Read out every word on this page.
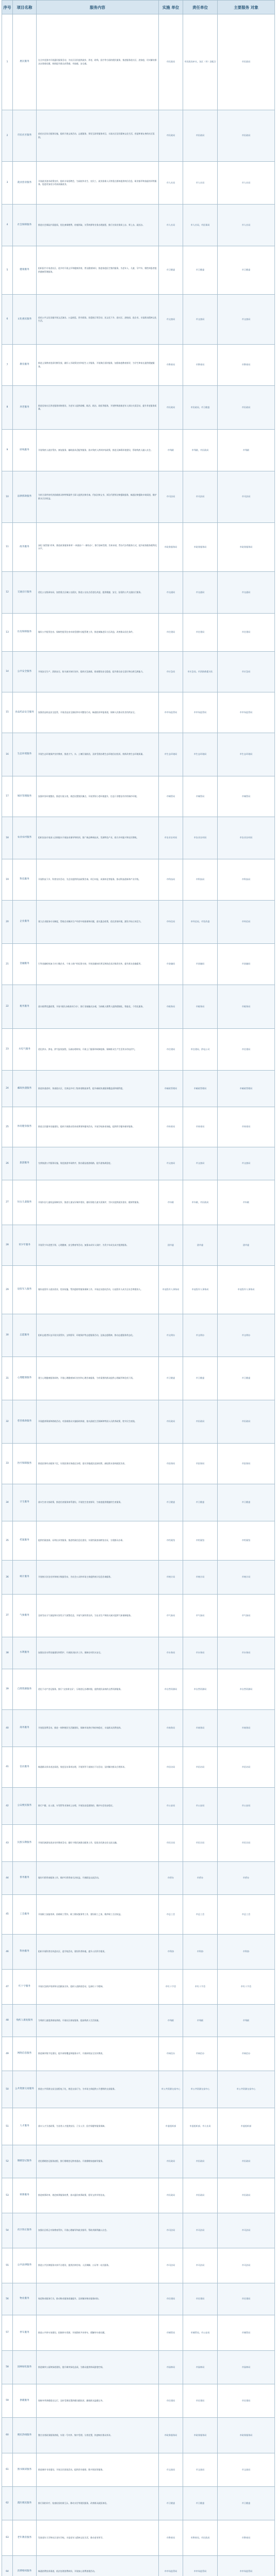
序号	项目名称	服务内容	实施 单位	责任单位	主要服务 对象
1	惠民服务	在全市范围内开展惠民服务活动，为社区居民提供就业、养老、助残、医疗等方面的便民服务，推进服务进社区、进家庭，切实解决群众办事难问题，持续提升群众获得感、幸福感、安全感。	市民政局	市民政局牵头，各区（市）县配合	市民政局
2	市民社区服务	依托社区综合服务设施，组织开展文体活动、志愿服务、邻里互助等服务项目，丰富社区居民精神文化生活，营造和谐友善的社区氛围。	市民政局	市民政局	市民政局
3	就业创业服务	开展就业创业政策宣传，组织专场招聘会，为高校毕业生、农民工、就业困难人员等重点群体提供岗位信息、职业指导和技能培训等服务，促进更加充分更高质量就业。	市人社局	市人社局	市人社局
4	社会保障服务	推进社会保险扩面提质，优化参保缴费、待遇领取、关系转移等业务办理流程，推行社保业务网上办、掌上办、就近办。	市人社局	市人社局，市医保局	市人社局
5	健康服务	组织医疗专家进社区、进乡村开展义诊和健康讲座，普及健康知识，推进家庭医生签约服务，为老年人、儿童、孕产妇、慢性病患者提供健康管理服务。	市卫健委	市卫健委	市卫健委
6	文化惠民服务	依托公共文化设施开展文艺演出、公益展览、图书阅读、非遗展示等活动，送文化下乡、进社区、进校园、进企业，丰富群众精神文化生活。	市文旅局	市文旅局	市文旅局
7	教育服务	推进义务教育优质均衡发展，做好入学政策宣传和招生入学服务，开展课后延时服务，加强家庭教育指导，为学生和家长提供便捷服务。	市教育局	市教育局	市教育局
8	养老服务	推进居家社区养老服务网络建设，为老年人提供助餐、助浴、助洁、助医等服务，开展特殊困难老年人探访关爱活动，提升养老服务质量。	市民政局	市民政局，市卫健委	市民政局
9	助残服务	开展残疾人就业帮扶、康复服务、辅助器具适配等服务，落实残疾人两项补贴政策，推进无障碍环境建设，帮助残疾人融入社会。	市残联	市残联，市民政局	市残联
10	法律援助服务	为符合条件的经济困难群众和特殊案件当事人提供法律咨询、代拟法律文书、诉讼代理等法律援助服务，畅通法律援助申请渠道，维护群众合法权益。	市司法局	市司法局	市司法局
11	政务服务	深化“放管服”改革，推进政务服务事项“一网通办”“一窗综办”，推行容缺受理、告知承诺、帮办代办等服务方式，提升政务服务便利化水平。	市政务服务局	市政务服务局	市政务服务局
12	交通出行服务	优化公交线网布局，加密重点区域公交班次，推进公交站点适老化改造，提供便捷、安全、舒适的公共交通出行服务。	市交通局	市交通局	市交通局
13	住房保障服务	做好公共租赁住房、保障性租赁住房申请受理和分配管理工作，推进城镇老旧小区改造，改善群众居住条件。	市住建局	市住建局	市住建局
14	公共安全服务	开展安全生产、消防安全、防灾减灾知识宣传，组织应急演练，排查整治安全隐患，提升群众安全意识和自救互救能力。	市应急局	市应急局，市消防救援支队	市应急局
15	食品药品安全服务	加强食品药品安全监管，开展食品安全抽检和专项整治行动，畅通投诉举报渠道，保障人民群众饮食用药安全。	市市场监管局	市市场监管局	市市场监管局
16	生态环境服务	开展生态环境保护宣传教育，推进大气、水、土壤污染防治，及时受理办理生态环境信访投诉，持续改善生态环境质量。	市生态环境局	市生态环境局	市生态环境局
17	城市管理服务	加强市容环境整治，推进垃圾分类，规范设置便民摊点，开展背街小巷环境提升，打造干净整洁有序的城市环境。	市城管局	市城管局	市城管局
18	农业农村服务	组织农技专家深入田间地头开展技术指导和培训，推广新品种新技术，发展特色产业，助力乡村振兴和农民增收。	市农业农村局	市农业农村局	市农业农村局
19	科技服务	开展科技下乡、科普宣传活动，为企业提供科技政策咨询、项目申报、成果转化等服务，推动科技创新和产业升级。	市科技局	市科技局	市科技局
20	企业服务	建立企业服务专员制度，帮助企业解决生产经营中的困难和问题，落实惠企政策，优化营商环境，激发市场主体活力。	市经信局	市经信局，市发改委	市经信局
21	金融服务	引导金融机构加大对小微企业、个体工商户的信贷支持，开展金融知识普及和防范非法集资宣传，提升群众金融素养。	市金融局	市金融局	市金融局
22	税务服务	落实税费优惠政策，开展“便民办税春风行动”，推行非接触式办税，为纳税人缴费人提供精细化、智能化、个性化服务。	市税务局	市税务局	市税务局
23	水电气服务	优化供水、供电、供气报装流程，压减办理时间，开展上门服务和故障抢修，保障群众生产生活用水用电用气。	市住建局	市住建局，供电公司	市住建局
24	邮政快递服务	推进快递进村、快递进社区，完善县乡村三级寄递物流体系，提升邮政快递服务覆盖面和便利度。	市邮政管理局	市邮政管理局	市邮政管理局
25	体育健身服务	推进全民健身设施建设，组织开展群众性体育赛事和健身活动，开放学校体育场地，提供科学健身指导服务。	市体育局	市体育局	市体育局
26	旅游服务	完善旅游公共服务设施，规范旅游市场秩序，推出精品旅游线路，提升游客满意度。	市文旅局	市文旅局	市文旅局
27	妇女儿童服务	开展妇女儿童权益保障宣传，推进儿童友好城市建设，做好困境儿童关爱保护，为妇女提供就业创业、健康等服务。	市妇联	市妇联，市民政局	市妇联
28	青少年服务	开展青少年思想引领、心理健康、安全教育等活动，加强未成年人保护，为青少年成长成才提供服务。	团市委	团市委	团市委
29	退役军人服务	做好退役军人就业创业、优待抚恤、帮扶援助等服务保障工作，开展走访慰问活动，让退役军人成为全社会尊重的人。	市退役军人事务局	市退役军人事务局	市退役军人事务局
30	志愿服务	组织志愿者队伍开展关爱帮扶、文明倡导、环境保护等志愿服务活动，弘扬志愿精神，推动志愿服务常态化。	市文明办	市文明办	市文明办
31	心理健康服务	建立心理健康服务网络，开展心理健康知识宣传和心理咨询服务，为有需要的群众提供心理疏导和危机干预。	市卫健委	市卫健委	市卫健委
32	慈善救助服务	开展慈善募捐和救助活动，对困难群众实施临时救助，落实最低生活保障和特困人员供养政策，兜牢民生底线。	市民政局	市民政局	市民政局
33	医疗保障服务	推进医保经办服务下沉，实现医保业务就近办理，落实异地就医直接结算，减轻群众看病就医负担。	市医保局	市医保局	市医保局
34	计生服务	落实生育支持政策，推进托育服务体系建设，开展优生优育指导，为家庭提供便捷的生育服务。	市卫健委	市卫健委	市卫健委
35	档案服务	提供档案查阅、证明出具等服务，推进档案信息化建设，实现档案查询跨馆出证，方便群众办事。	市档案馆	市档案馆	市档案馆
36	统计服务	开展统计法治宣传和统计数据发布，为社会公众和市场主体提供统计信息咨询服务。	市统计局	市统计局	市统计局
37	气象服务	及时发布天气预报和灾害性天气预警信息，开展气象科普宣传，为农业生产和防灾减灾提供气象保障服务。	市气象局	市气象局	市气象局
38	水利服务	加强农田水利设施建设和管护，开展防汛抗旱工作，保障农村饮水安全。	市水务局	市水务局	市水务局
39	自然资源服务	优化不动产登记服务，推行“交房即交证”，压缩登记办理时限，提供便民高效的自然资源服务。	市自然资源局	市自然资源局	市自然资源局
40	商务服务	开展促消费活动，推进一刻钟便民生活圈建设，保障市场供应和价格稳定，丰富群众消费选择。	市商务局	市商务局	市商务局
41	信访服务	畅通群众诉求表达渠道，规范信访事项办理，开展领导干部接访下访活动，及时解决群众合理诉求。	市信访局	市信访局	市信访局
42	公安便民服务	推行户籍、出入境、车驾管等业务网上办理，开展治安巡逻防控，维护社会治安稳定。	市公安局	市公安局	市公安局
43	民族宗教服务	开展民族团结进步宣传教育活动，做好少数民族群众服务工作，促进各民族交往交流交融。	市民宗局	市民宗局	市民宗局
44	侨务服务	做好归侨侨眷服务工作，维护归侨侨眷合法权益，开展联谊交流活动。	市侨办	市侨办	市侨办
45	工会服务	开展职工技能培训、困难职工帮扶、职工维权服务等工作，建设职工之家，维护职工合法权益。	市总工会	市总工会	市总工会
46	科协服务	组织开展科普宣传进社区、进学校活动，建设科普阵地，提升公民科学素质。	市科协	市科协	市科协
47	红十字服务	开展应急救护培训和无偿献血宣传，组织人道救助活动，弘扬红十字精神。	市红十字会	市红十字会	市红十字会
48	残疾人康复服务	为残疾儿童提供康复救助，开展社区康复服务，提高残疾人生活质量。	市残联	市残联	市残联
49	网络信息服务	推进城市数字化建设，提升网络覆盖和服务水平，开展网络安全宣传教育。	市网信办	市网信办	市网信办
50	公共资源交易服务	推进公共资源交易全流程电子化，规范交易行为，为市场主体提供公开透明的交易服务。	市公共资源交易中心	市公共资源交易中心	市公共资源交易中心
51	人才服务	落实人才引进政策，为各类人才提供安居、子女入学、医疗保健等服务保障。	市委组织部	市委组织部，市人社局	市委组织部
52	婚姻登记服务	优化婚姻登记服务流程，推行婚姻登记跨省通办，开展婚姻家庭辅导服务。	市民政局	市民政局	市民政局
53	殡葬服务	推进殡葬改革，规范殡葬服务收费，落实惠民殡葬政策，倡导文明节俭治丧。	市民政局	市民政局	市民政局
54	社区矫正服务	加强社区矫正对象教育帮扶，开展心理辅导和就业指导，帮助其顺利融入社会。	市司法局	市司法局	市司法局
55	公共法律服务	推进公共法律服务实体平台建设，提供法律咨询、人民调解、公证等一站式服务。	市司法局	市司法局	市司法局
56	物业服务	规范物业服务行为，推动物业服务质量提升，及时解决物业服务纠纷。	市住建局	市住建局	市住建局
57	停车服务	推进公共停车场建设，挖掘停车资源，开展错时共享停车，缓解停车难问题。	市城管局	市城管局，市公安局	市城管局
58	园林绿化服务	推进城市公园和绿道建设，提升城市绿化品质，为群众提供休闲游憩空间。	市园林局	市园林局	市园林局
59	供暖服务	保障冬季供暖稳定运行，及时受理处置供暖问题投诉，确保群众温暖过冬。	市住建局	市住建局	市住建局
60	便民热线服务	整合各类政务服务热线，实现一号对外、集中受理、分类处置，快速响应群众诉求。	市政务服务局	市政务服务局	市政务服务局
61	图书阅读服务	推进城市书房建设，开展全民阅读活动，提供图书借阅、数字阅读等服务。	市文旅局	市文旅局	市文旅局
62	就医便民服务	推行预约诊疗、检查检验结果互认、移动支付等便民服务，改善群众就医体验。	市卫健委	市卫健委	市卫健委
63	老年教育服务	发展老年大学和社区老年学校，丰富老年人精神文化生活，推动老有所学。	市教育局	市教育局，市民政局	市教育局
64	消费维权服务	畅通消费投诉渠道，依法处理消费纠纷，开展放心消费创建活动。	市市场监管局	市市场监管局	市市场监管局
